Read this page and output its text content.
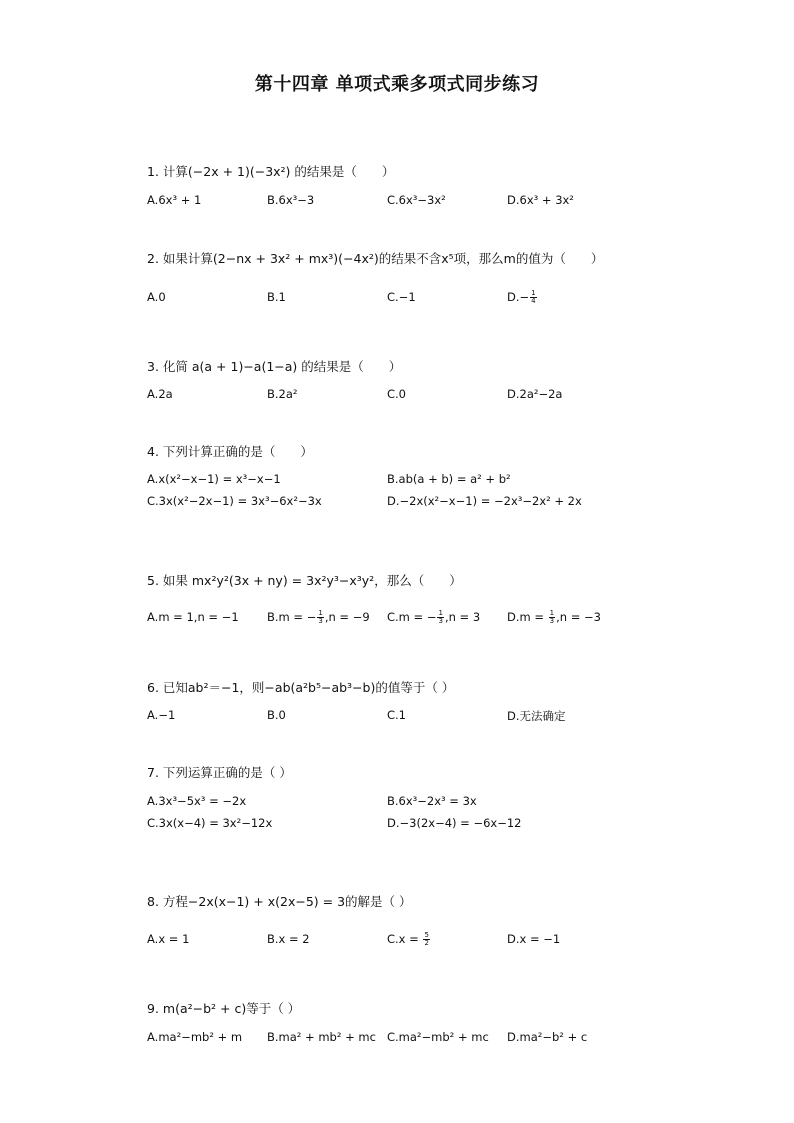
第十四章 单项式乘多项式同步练习
1. 计算(−2x + 1)(−3x²) 的结果是（　　）
A.6x³ + 1	B.6x³−3	C.6x³−3x²	D.6x³ + 3x²
2. 如果计算(2−nx + 3x² + mx³)(−4x²)的结果不含x⁵项，那么m的值为（　　）
A.0	B.1	C.−1	$D.- \frac{1}{4}$
3. 化简 a(a + 1)−a(1−a) 的结果是（　　）
A.2a	B.2a²	C.0	D.2a²−2a
4. 下列计算正确的是（　　）
A.x(x²−x−1) = x³−x−1	B.ab(a + b) = a² + b²
C.3x(x²−2x−1) = 3x³−6x²−3x	D.−2x(x²−x−1) = −2x³−2x² + 2x
5. 如果 mx²y²(3x + ny) = 3x²y³−x³y²，那么（　　）
A.m = 1,n = −1 B.m = − $\frac{1}{3} ,n = -9$ C.m = − $\frac{1}{3} ,n = 3$ $D.m = \frac{1}{3} ,n = -3$
6. 已知ab²＝−1，则−ab(a²b⁵−ab³−b)的值等于（ ）
A.−1	B.0	C.1	D.无法确定
7. 下列运算正确的是（ ）
A.3x³−5x³ = −2x	B.6x³−2x³ = 3x
C.3x(x−4) = 3x²−12x	D.−3(2x−4) = −6x−12
8. 方程−2x(x−1) + x(2x−5) = 3的解是（ ）
A.x = 1	B.x = 2	$C.x = \frac{5}{2}$	D.x = −1
9. m(a²−b² + c)等于（ ）
A.ma²−mb² + m B.ma² + mb² + mc C.ma²−mb² + mc D.ma²−b² + c
